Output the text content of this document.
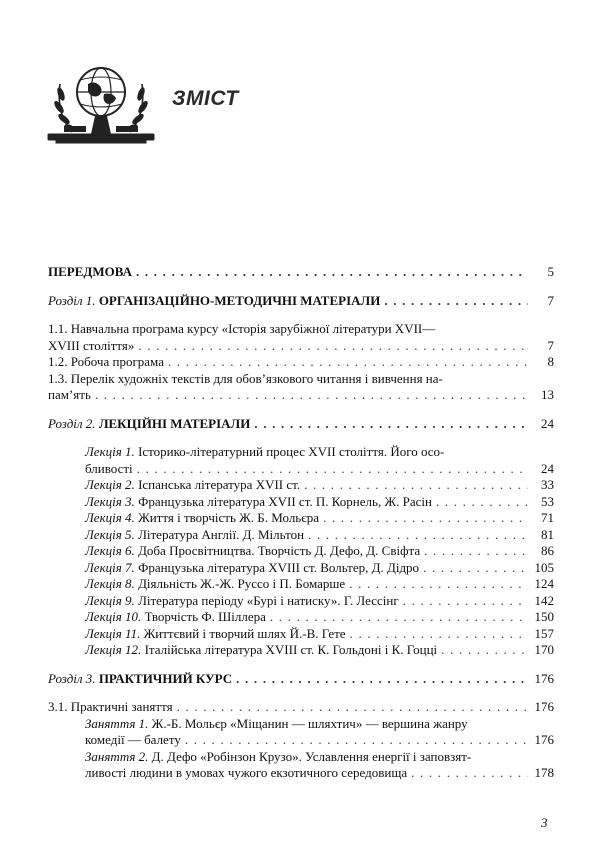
ЗМІСТ
ПЕРЕДМОВА . . .	5
Розділ 1. ОРГАНІЗАЦІЙНО-МЕТОДИЧНІ МАТЕРІАЛИ . . .	7
1.1. Навчальна програма курсу «Історія зарубіжної літератури XVII—
XVIII століття» . . .	7
1.2. Робоча програма . . .	8
1.3. Перелік художніх текстів для обов’язкового читання і вивчення на-
пам’ять . . .	13
Розділ 2. ЛЕКЦІЙНІ МАТЕРІАЛИ . . .	24
Лекція 1. Історико-літературний процес XVII століття. Його осо-
бливості . . .	24
Лекція 2. Іспанська література XVII ст. . . .	33
Лекція 3. Французька література XVII ст. П. Корнель, Ж. Расін . . .	53
Лекція 4. Життя і творчість Ж. Б. Мольєра . . .	71
Лекція 5. Література Англії. Д. Мільтон . . .	81
Лекція 6. Доба Просвітництва. Творчість Д. Дефо, Д. Свіфта . . .	86
Лекція 7. Французька література XVIII ст. Вольтер, Д. Дідро . . .	105
Лекція 8. Діяльність Ж.-Ж. Руссо і П. Бомарше . . .	124
Лекція 9. Література періоду «Бурі і натиску». Г. Лессінг . . .	142
Лекція 10. Творчість Ф. Шіллера . . .	150
Лекція 11. Життєвий і творчий шлях Й.-В. Гете . . .	157
Лекція 12. Італійська література XVIII ст. К. Гольдоні і К. Гоцці . . .	170
Розділ 3. ПРАКТИЧНИЙ КУРС . . .	176
3.1. Практичні заняття . . .	176
Заняття 1. Ж.-Б. Мольєр «Міщанин — шляхтич» — вершина жанру
комедії — балету . . .	176
Заняття 2. Д. Дефо «Робінзон Крузо». Уславлення енергії і заповзят-
ливості людини в умовах чужого екзотичного середовища . . .	178
3
